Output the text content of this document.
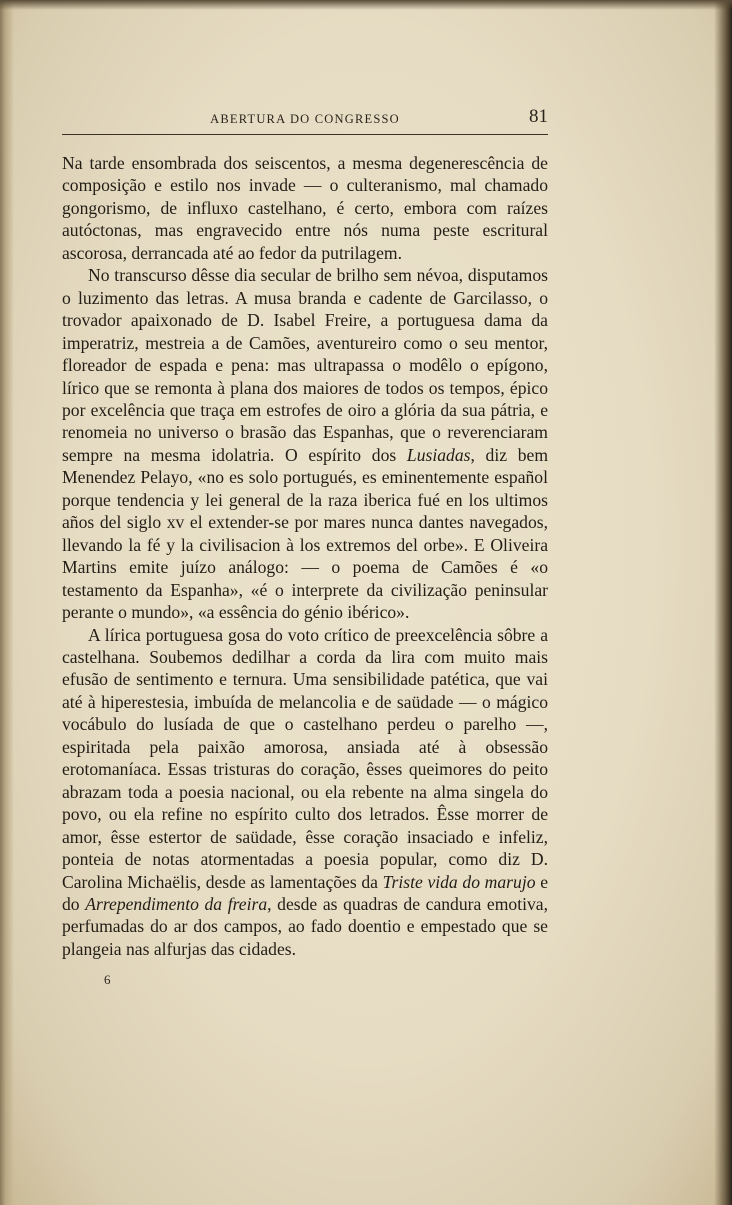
ABERTURA DO CONGRESSO	81

Na tarde ensombrada dos seiscentos, a mesma degenerescência de composição e estilo nos invade — o culteranismo, mal chamado gongorismo, de influxo castelhano, é certo, embora com raízes autóctonas, mas engravecido entre nós numa peste escritural ascorosa, derrancada até ao fedor da putrilagem.

No transcurso dêsse dia secular de brilho sem névoa, disputamos o luzimento das letras. A musa branda e cadente de Garcilasso, o trovador apaixonado de D. Isabel Freire, a portuguesa dama da imperatriz, mestreia a de Camões, aventureiro como o seu mentor, floreador de espada e pena: mas ultrapassa o modêlo o epígono, lírico que se remonta à plana dos maiores de todos os tempos, épico por excelência que traça em estrofes de oiro a glória da sua pátria, e renomeia no universo o brasão das Espanhas, que o reverenciaram sempre na mesma idolatria. O espírito dos Lusiadas, diz bem Menendez Pelayo, «no es solo portugués, es eminentemente español porque tendencia y lei general de la raza iberica fué en los ultimos años del siglo xv el extender-se por mares nunca dantes navegados, llevando la fé y la civilisacion à los extremos del orbe». E Oliveira Martins emite juízo análogo: — o poema de Camões é «o testamento da Espanha», «é o interprete da civilização peninsular perante o mundo», «a essência do génio ibérico».

A lírica portuguesa gosa do voto crítico de preexcelência sôbre a castelhana. Soubemos dedilhar a corda da lira com muito mais efusão de sentimento e ternura. Uma sensibilidade patética, que vai até à hiperestesia, imbuída de melancolia e de saüdade — o mágico vocábulo do lusíada de que o castelhano perdeu o parelho —, espiritada pela paixão amorosa, ansiada até à obsessão erotomaníaca. Essas tristuras do coração, êsses queimores do peito abrazam toda a poesia nacional, ou ela rebente na alma singela do povo, ou ela refine no espírito culto dos letrados. Êsse morrer de amor, êsse estertor de saüdade, êsse coração insaciado e infeliz, ponteia de notas atormentadas a poesia popular, como diz D. Carolina Michaëlis, desde as lamentações da Triste vida do marujo e do Arrependimento da freira, desde as quadras de candura emotiva, perfumadas do ar dos campos, ao fado doentio e empestado que se plangeia nas alfurjas das cidades.

6
